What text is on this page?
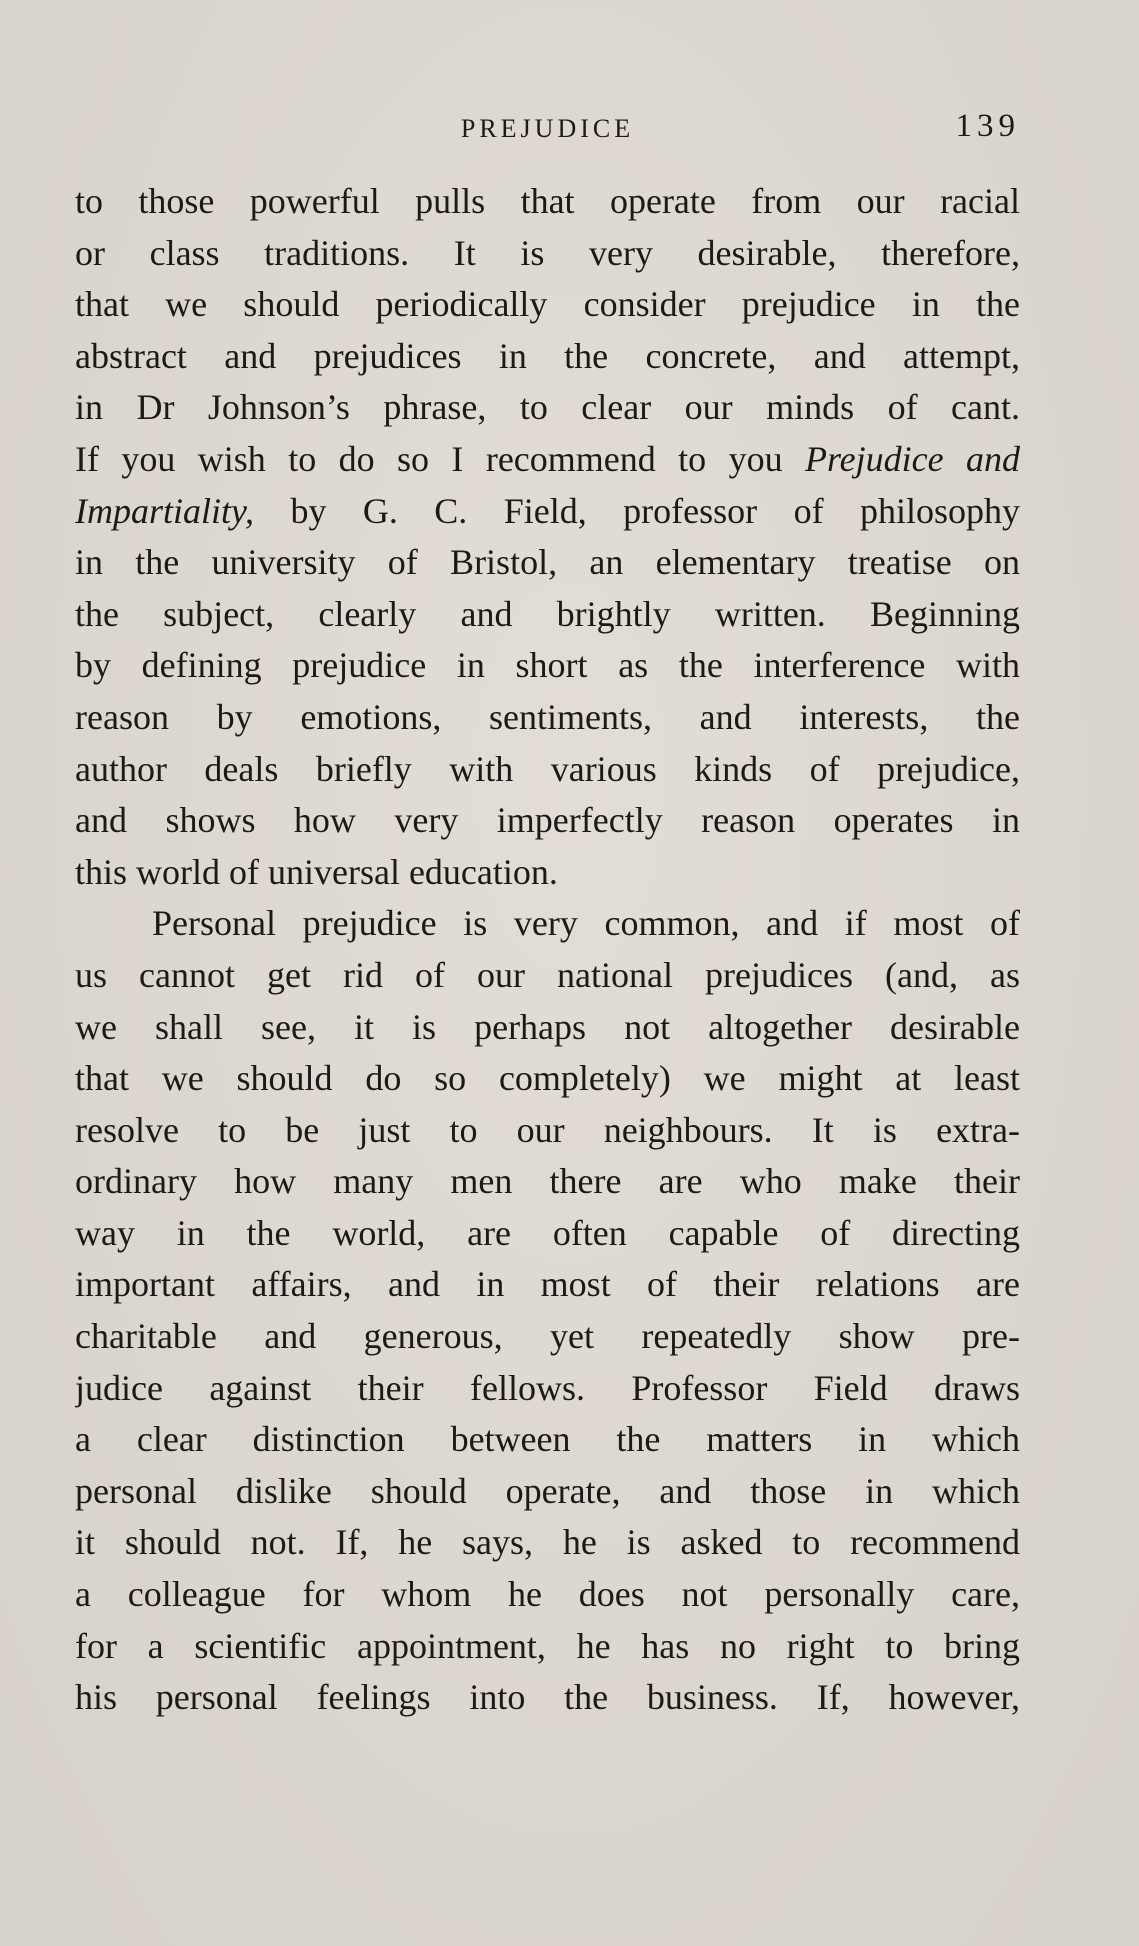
PREJUDICE	139
to those powerful pulls that operate from our racial
or class traditions. It is very desirable, therefore,
that we should periodically consider prejudice in the
abstract and prejudices in the concrete, and attempt,
in Dr Johnson’s phrase, to clear our minds of cant.
If you wish to do so I recommend to you Prejudice and
Impartiality, by G. C. Field, professor of philosophy
in the university of Bristol, an elementary treatise on
the subject, clearly and brightly written. Beginning
by defining prejudice in short as the interference with
reason by emotions, sentiments, and interests, the
author deals briefly with various kinds of prejudice,
and shows how very imperfectly reason operates in
this world of universal education.
Personal prejudice is very common, and if most of
us cannot get rid of our national prejudices (and, as
we shall see, it is perhaps not altogether desirable
that we should do so completely) we might at least
resolve to be just to our neighbours. It is extra-
ordinary how many men there are who make their
way in the world, are often capable of directing
important affairs, and in most of their relations are
charitable and generous, yet repeatedly show pre-
judice against their fellows. Professor Field draws
a clear distinction between the matters in which
personal dislike should operate, and those in which
it should not. If, he says, he is asked to recommend
a colleague for whom he does not personally care,
for a scientific appointment, he has no right to bring
his personal feelings into the business. If, however,
